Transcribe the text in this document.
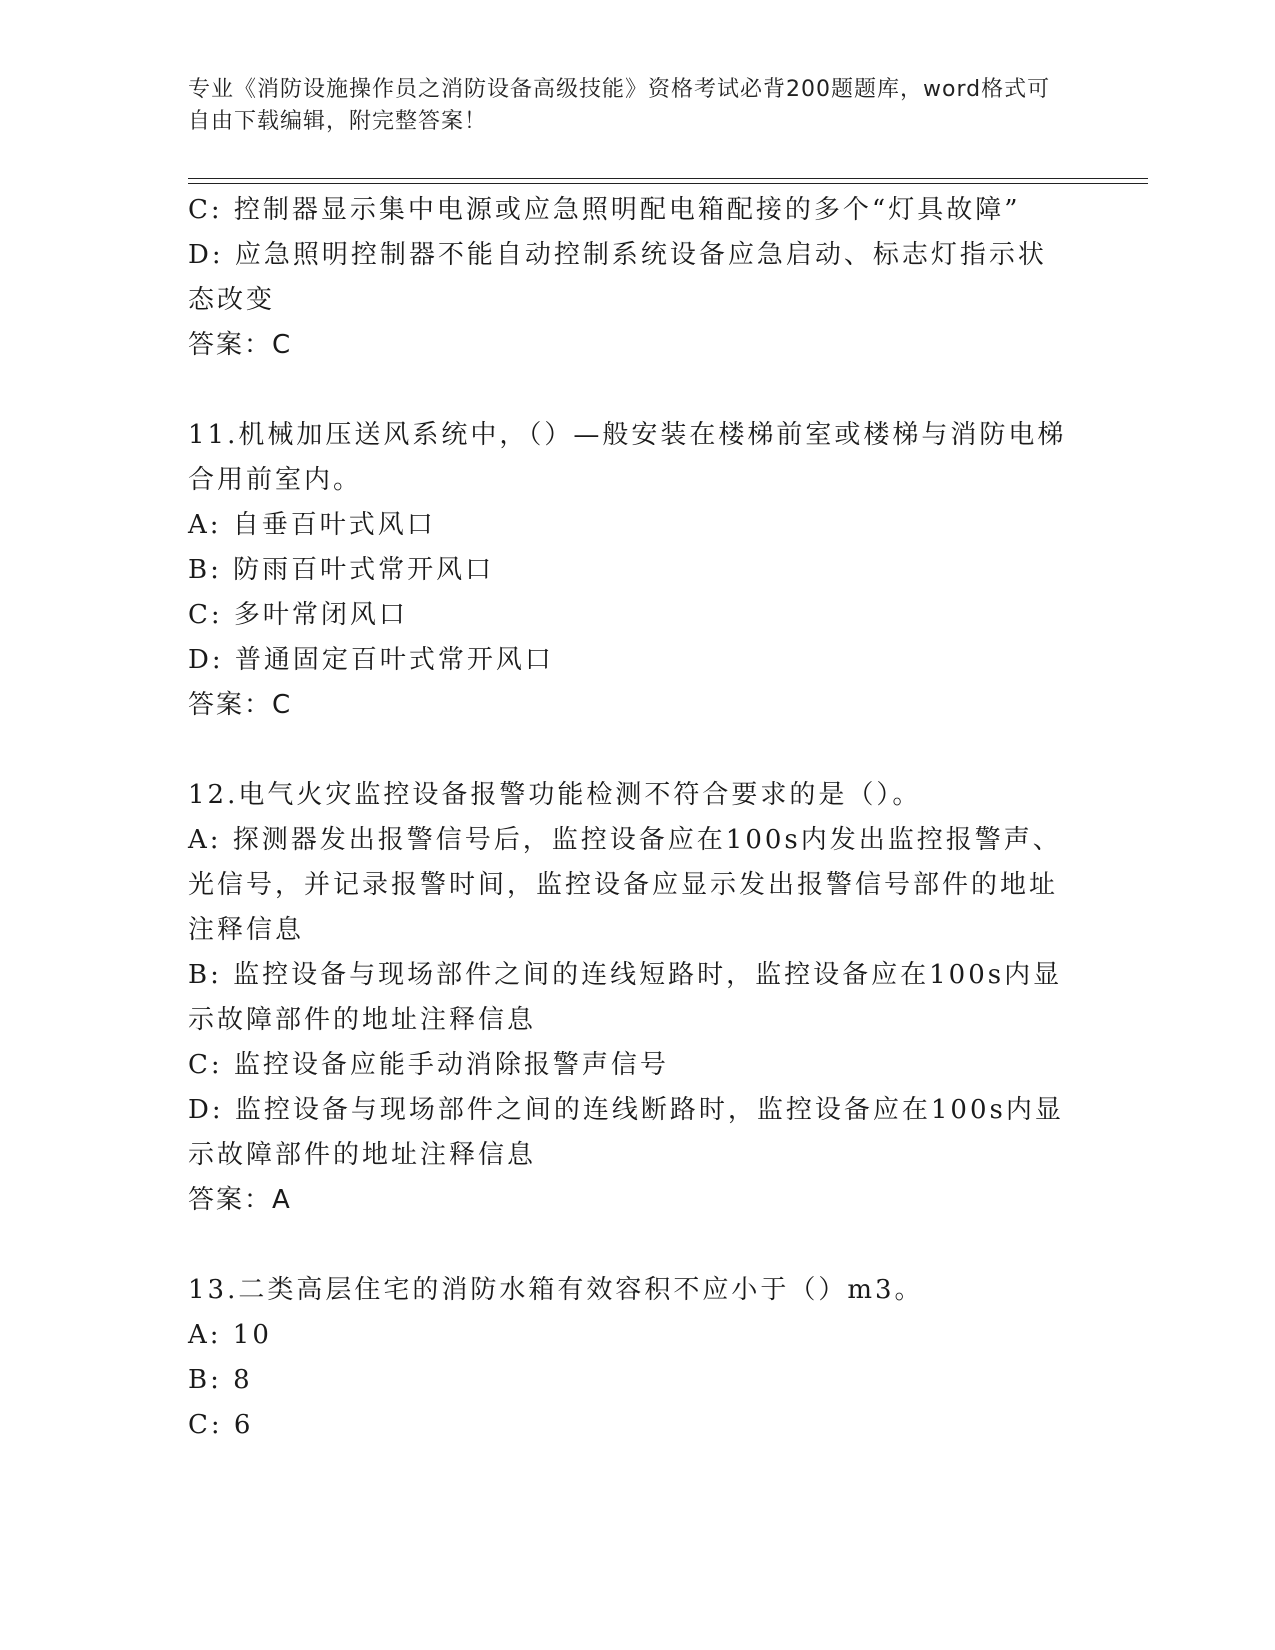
专业《消防设施操作员之消防设备高级技能》资格考试必背200题题库，word格式可自由下载编辑，附完整答案！

C: 控制器显示集中电源或应急照明配电箱配接的多个“灯具故障”

D: 应急照明控制器不能自动控制系统设备应急启动、标志灯指示状态改变

答案：C

11.机械加压送风系统中，（）—般安装在楼梯前室或楼梯与消防电梯合用前室内。

A: 自垂百叶式风口

B: 防雨百叶式常开风口

C: 多叶常闭风口

D: 普通固定百叶式常开风口

答案：C

12.电气火灾监控设备报警功能检测不符合要求的是（）。

A: 探测器发出报警信号后，监控设备应在100s内发出监控报警声、光信号，并记录报警时间，监控设备应显示发出报警信号部件的地址注释信息

B: 监控设备与现场部件之间的连线短路时，监控设备应在100s内显示故障部件的地址注释信息

C: 监控设备应能手动消除报警声信号

D: 监控设备与现场部件之间的连线断路时，监控设备应在100s内显示故障部件的地址注释信息

答案：A

13.二类高层住宅的消防水箱有效容积不应小于（）m3。

A: 10

B: 8

C: 6
